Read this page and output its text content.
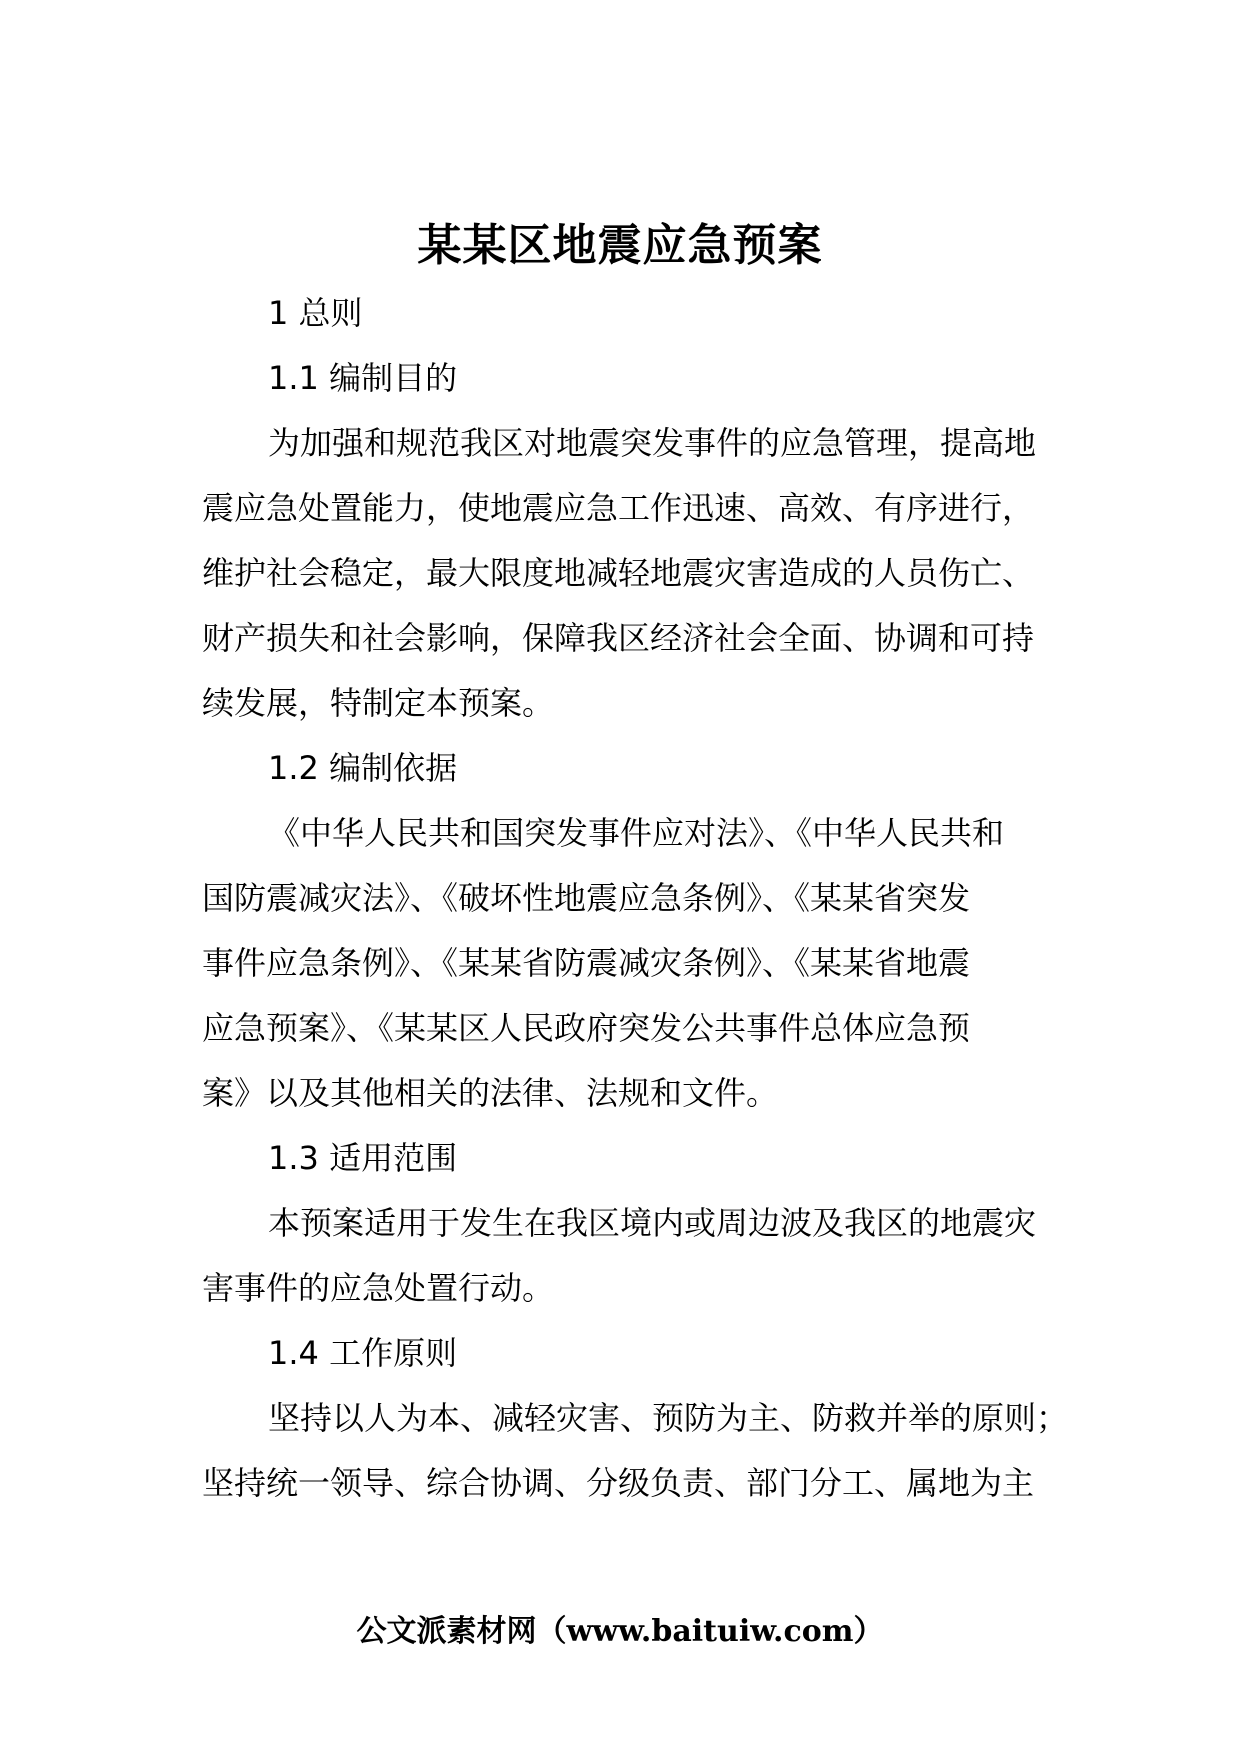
某某区地震应急预案
1 总则
1.1 编制目的
为加强和规范我区对地震突发事件的应急管理，提高地
震应急处置能力，使地震应急工作迅速、高效、有序进行，
维护社会稳定，最大限度地减轻地震灾害造成的人员伤亡、
财产损失和社会影响，保障我区经济社会全面、协调和可持
续发展，特制定本预案。
1.2 编制依据
《中华人民共和国突发事件应对法》、《中华人民共和
国防震减灾法》、《破坏性地震应急条例》、《某某省突发
事件应急条例》、《某某省防震减灾条例》、《某某省地震
应急预案》、《某某区人民政府突发公共事件总体应急预
案》以及其他相关的法律、法规和文件。
1.3 适用范围
本预案适用于发生在我区境内或周边波及我区的地震灾
害事件的应急处置行动。
1.4 工作原则
坚持以人为本、减轻灾害、预防为主、防救并举的原则；
坚持统一领导、综合协调、分级负责、部门分工、属地为主
公文派素材网（www.baituiw.com）
